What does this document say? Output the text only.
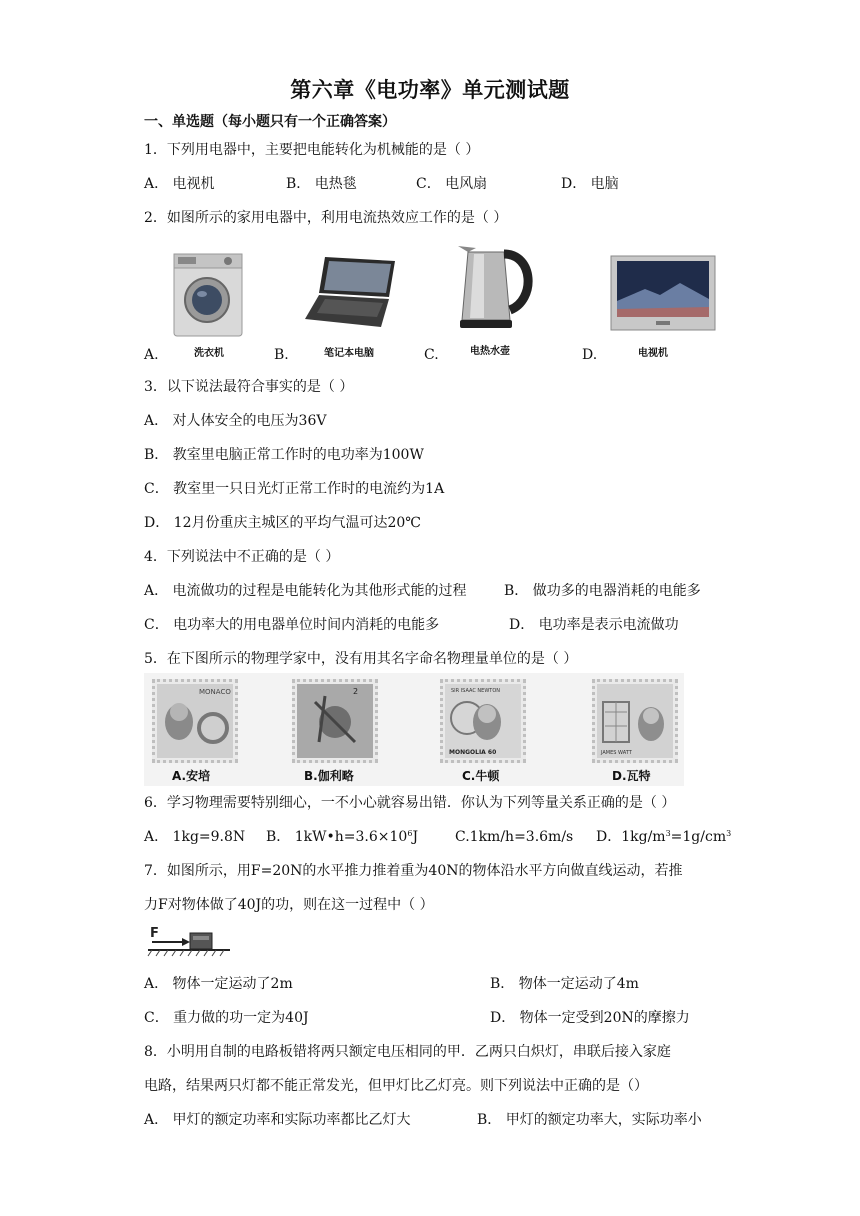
第六章《电功率》单元测试题
一、单选题（每小题只有一个正确答案）
1．下列用电器中，主要把电能转化为机械能的是（ ）
A． 电视机	B． 电热毯	C． 电风扇	D． 电脑
2．如图所示的家用电器中，利用电流热效应工作的是（ ）
A.	洗衣机	B.	笔记本电脑	C.	电热水壶	D.	电视机
3．以下说法最符合事实的是（ ）
A． 对人体安全的电压为36V
B． 教室里电脑正常工作时的电功率为100W
C． 教室里一只日光灯正常工作时的电流约为1A
D． 12月份重庆主城区的平均气温可达20℃
4．下列说法中不正确的是（ ）
A． 电流做功的过程是电能转化为其他形式能的过程	B． 做功多的电器消耗的电能多
C． 电功率大的用电器单位时间内消耗的电能多	D． 电功率是表示电流做功
5．在下图所示的物理学家中，没有用其名字命名物理量单位的是（ ）
MONACO
A.安培
2
B.伽利略
SIR ISAAC NEWTON
MONGOLIA 60
C.牛顿
JAMES WATT
D.瓦特
6．学习物理需要特别细心，一不小心就容易出错．你认为下列等量关系正确的是（ ）
A． 1kg=9.8N B． $1kW•h=3.6\times 10^6J$	C.1km/h=3.6m/s D．$1kg/m^3=1g/cm^3$
7．如图所示，用F=20N的水平推力推着重为40N的物体沿水平方向做直线运动，若推
力F对物体做了40J的功，则在这一过程中（ ）
F
A． 物体一定运动了2m	B． 物体一定运动了4m
C． 重力做的功一定为40J	D． 物体一定受到20N的摩擦力
8．小明用自制的电路板错将两只额定电压相同的甲．乙两只白炽灯，串联后接入家庭
电路，结果两只灯都不能正常发光，但甲灯比乙灯亮。则下列说法中正确的是（）
A． 甲灯的额定功率和实际功率都比乙灯大	B． 甲灯的额定功率大，实际功率小
